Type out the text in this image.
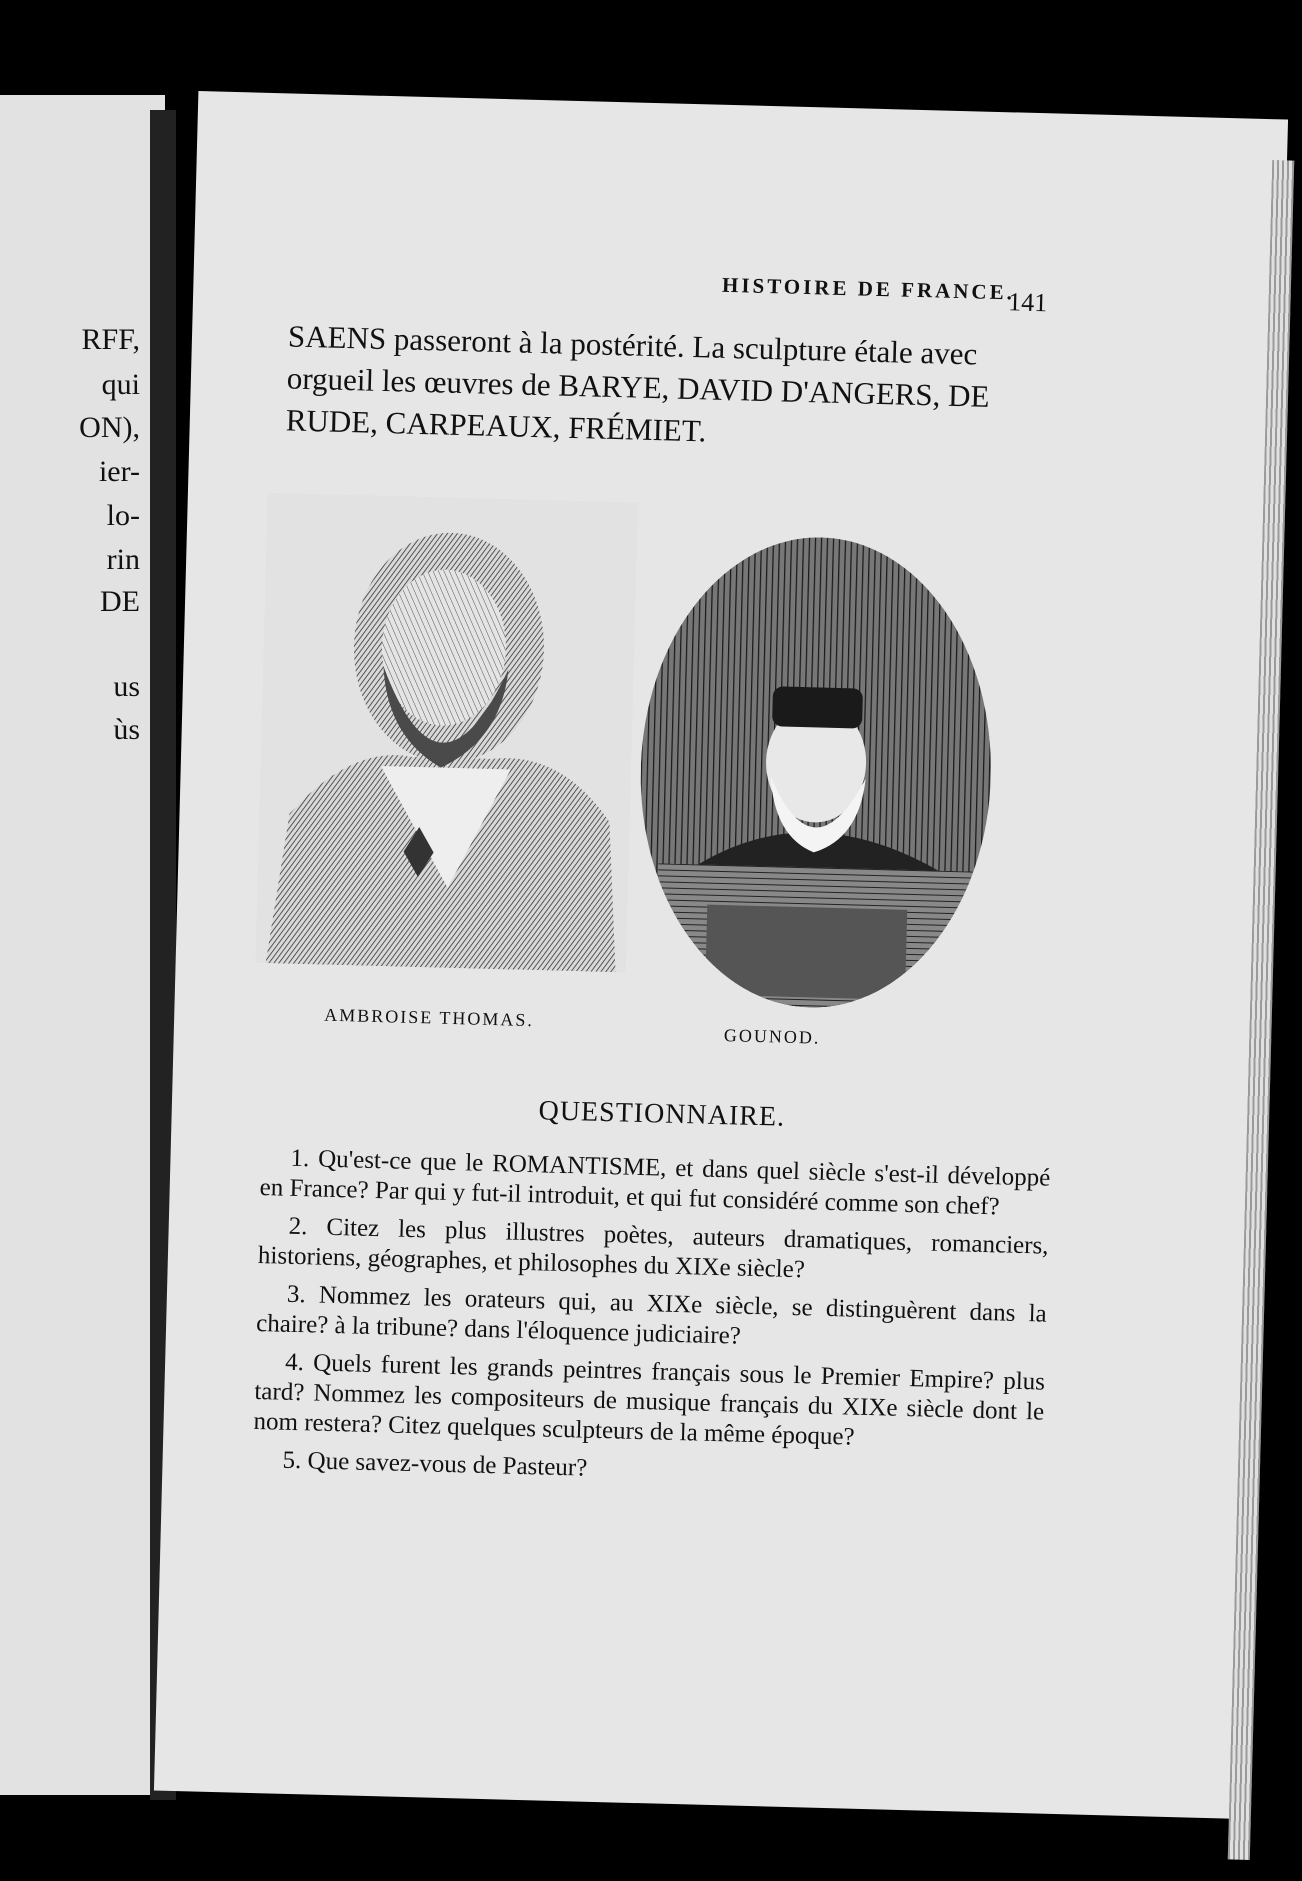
RFF,
qui
ON),
ier-
lo-
rin
DE
us
ùs
HISTOIRE DE FRANCE.
141

SAENS passeront à la postérité. La sculpture étale avec orgueil les œuvres de BARYE, DAVID D'ANGERS, DE RUDE, CARPEAUX, FRÉMIET.

AMBROISE THOMAS.
GOUNOD.
QUESTIONNAIRE.

1. Qu'est-ce que le ROMANTISME, et dans quel siècle s'est-il développé en France? Par qui y fut-il introduit, et qui fut considéré comme son chef?

2. Citez les plus illustres poètes, auteurs dramatiques, romanciers, historiens, géographes, et philosophes du XIXe siècle?

3. Nommez les orateurs qui, au XIXe siècle, se distinguèrent dans la chaire? à la tribune? dans l'éloquence judiciaire?

4. Quels furent les grands peintres français sous le Premier Empire? plus tard? Nommez les compositeurs de musique français du XIXe siècle dont le nom restera? Citez quelques sculpteurs de la même époque?

5. Que savez-vous de Pasteur?
